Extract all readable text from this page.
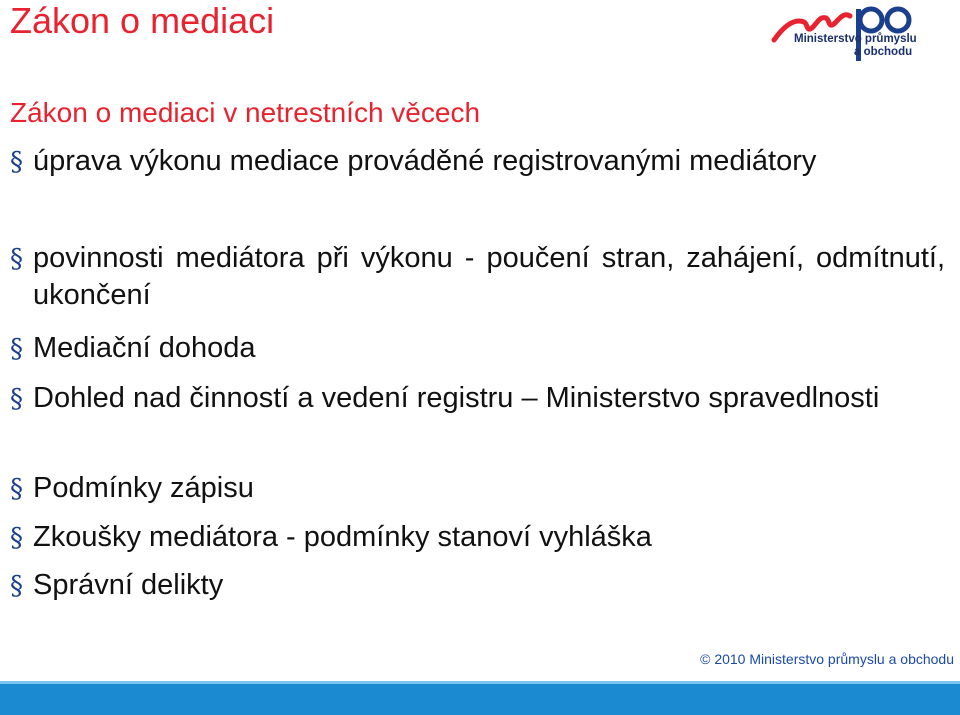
Zákon o mediaci	Ministerstvo průmyslu
a obchodu
Zákon o mediaci v netrestních věcech
§ úprava výkonu mediace prováděné registrovanými mediátory
§ povinnosti mediátora při výkonu - poučení stran, zahájení, odmítnutí, ukončení
§ Mediační dohoda
§ Dohled nad činností a vedení registru – Ministerstvo spravedlnosti
§ Podmínky zápisu
§ Zkoušky mediátora - podmínky stanoví vyhláška
§ Správní delikty
© 2010 Ministerstvo průmyslu a obchodu
